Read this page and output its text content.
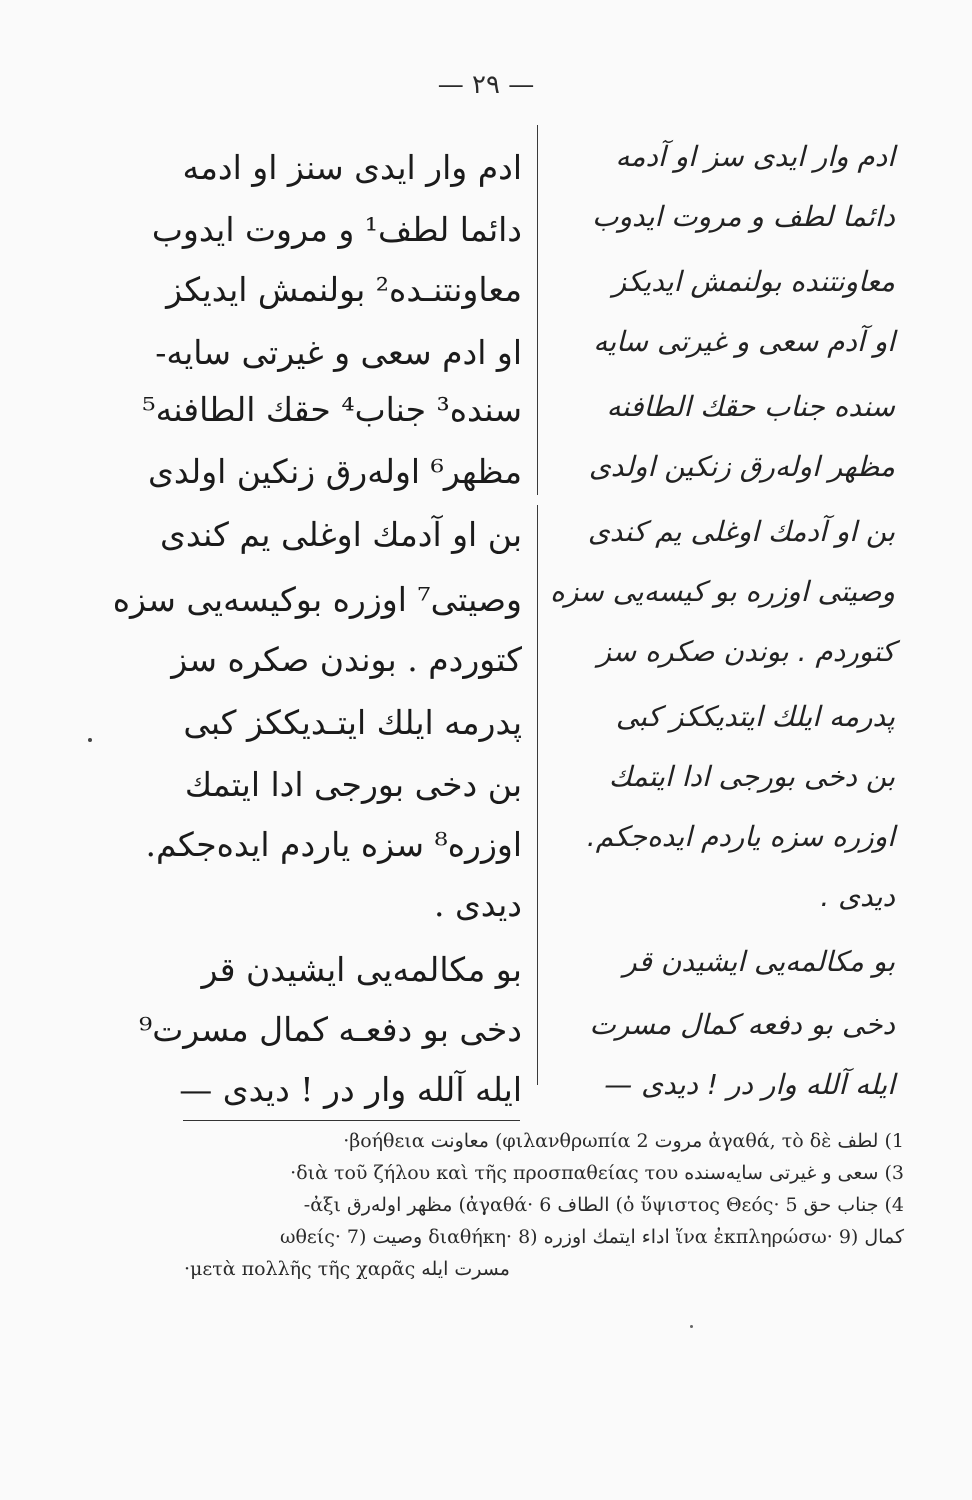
— ٢٩ —
ادم وار ايدى سنز او ادمه
دائما لطف¹ و مروت ايدوب
معاونتنـده² بولنمش ايديكز
او ادم سعى و غيرتى سايه-
سنده³ جناب⁴ حقك الطافنه⁵
مظهر⁶ اولەرق زنكين اولدى
بن او آدمك اوغلى يم كندى
وصيتى⁷ اوزره بوكيسەيى سزه
كتوردم . بوندن صكره سز
پدرمه ايلك ايتـديككز كبى
بن دخى بورجى ادا ايتمك
اوزره⁸ سزه ياردم ايدەجكم.
ديدى .
بو مكالمەيى ايشيدن قر
دخى بو دفعـه كمال مسرت⁹
ايله آلله وار در ! ديدى —
ادم وار ایدی سز او آدمه
دائما لطف و مروت ایدوب
معاونتنده بولنمش ایدیکز
او آدم سعی و غیرتی سایه
سنده جناب حقك الطافنه
مظهر اولەرق زنکین اولدی
بن او آدمك اوغلی یم کندی
وصیتی اوزره بو کیسەیی سزه
کتوردم . بوندن صکره سز
پدرمه ایلك ایتدیککز کبی
بن دخی بورجی ادا ایتمك
اوزره سزه یاردم ایدەجکم.
دیدی .
بو مکالمەیی ایشیدن قر
دخی بو دفعه کمال مسرت
ایله آلله وار در ! دیدی —
1) لطف ἀγαθά, τὸ δὲ مروت φιλανθρωπία 2) معاونت βοήθεια·
3) سعى و غيرتى سايەسنده διὰ τοῦ ζήλου καὶ τῆς προσπαθείας του·
4) جناب حق ὁ ὕψιστος Θεός· 5) الطاف ἀγαθά· 6) مظهر اولەرق ἀξι-
ωθείς· 7) وصيت διαθήκη· 8) اداء ايتمك اوزره ἵνα ἐκπληρώσω· 9) كمال
مسرت ايله μετὰ πολλῆς τῆς χαρᾶς·
